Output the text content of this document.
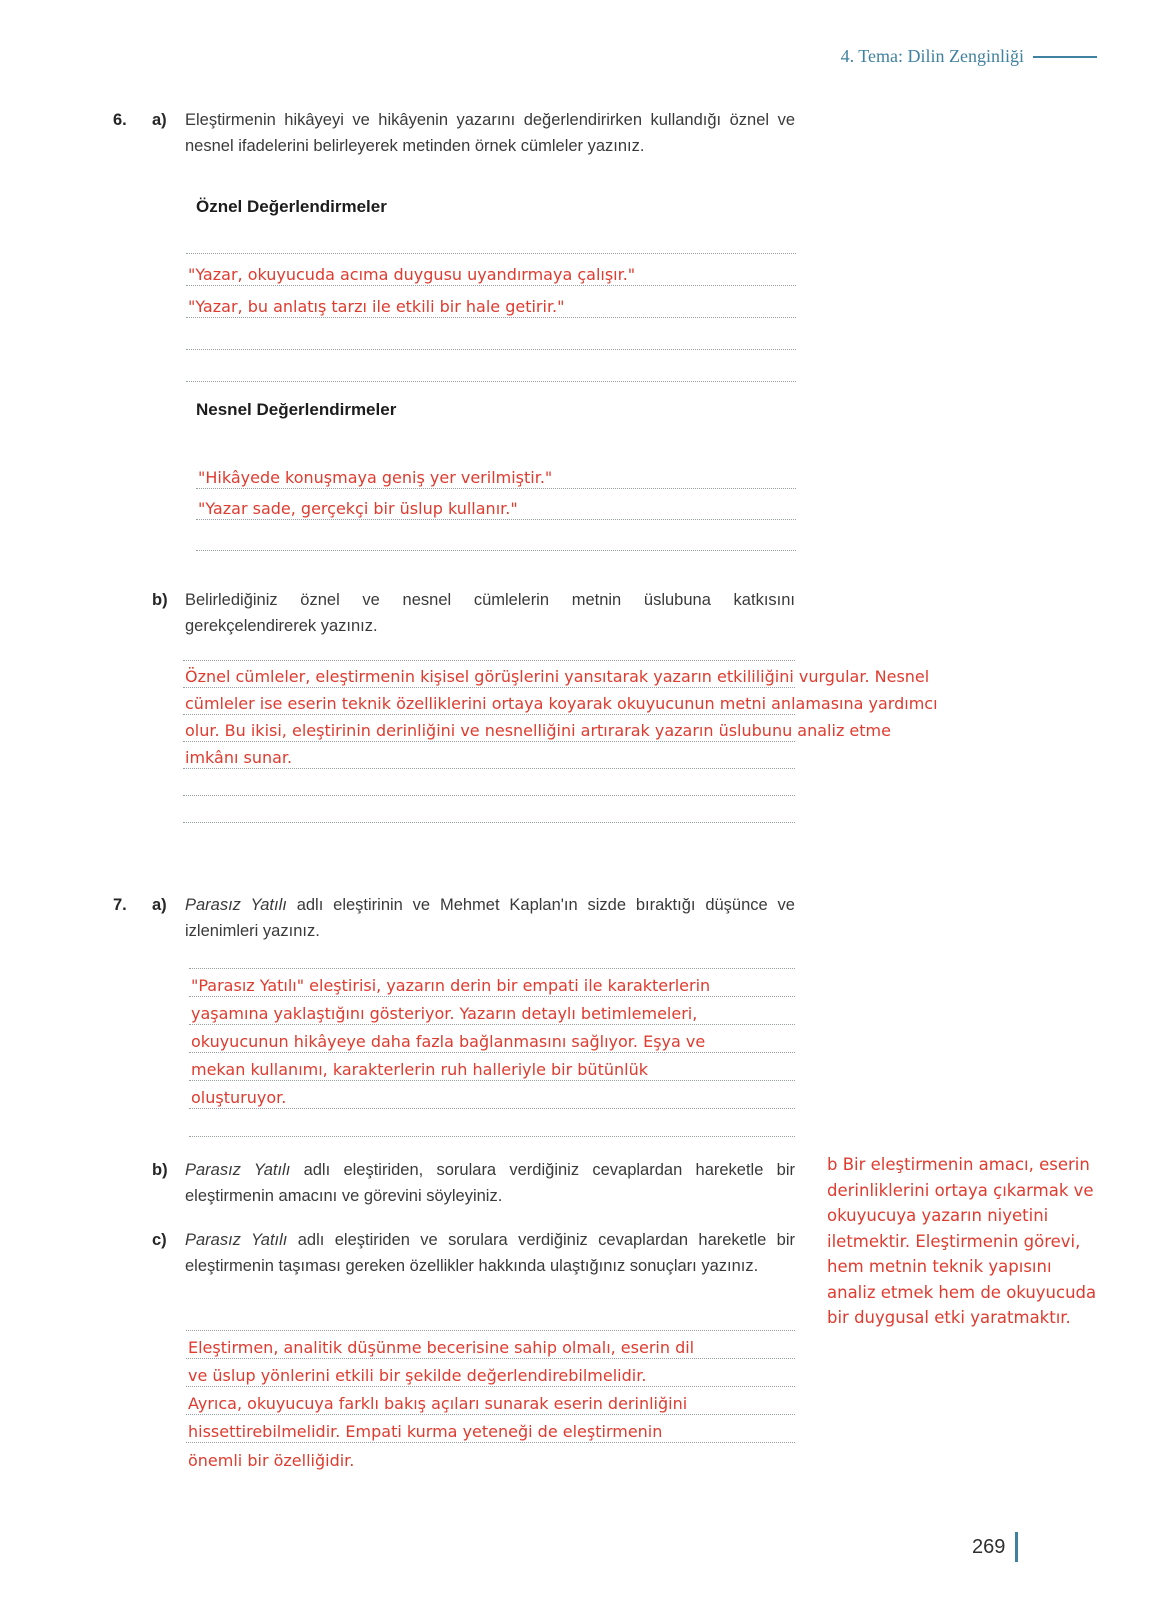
4. Tema: Dilin Zenginliği
6.	a)	Eleştirmenin hikâyeyi ve hikâyenin yazarını değerlendirirken kullandığı öznel ve nesnel ifadelerini belirleyerek metinden örnek cümleler yazınız.

Öznel Değerlendirmeler
"Yazar, okuyucuda acıma duygusu uyandırmaya çalışır."
"Yazar, bu anlatış tarzı ile etkili bir hale getirir."
Nesnel Değerlendirmeler
"Hikâyede konuşmaya geniş yer verilmiştir."
"Yazar sade, gerçekçi bir üslup kullanır."
b)	Belirlediğiniz öznel ve nesnel cümlelerin metnin üslubuna katkısını gerekçelendirerek yazınız.

Öznel cümleler, eleştirmenin kişisel görüşlerini yansıtarak yazarın etkililiğini vurgular. Nesnel
cümleler ise eserin teknik özelliklerini ortaya koyarak okuyucunun metni anlamasına yardımcı
olur. Bu ikisi, eleştirinin derinliğini ve nesnelliğini artırarak yazarın üslubunu analiz etme
imkânı sunar.
7.	a)	Parasız Yatılı adlı eleştirinin ve Mehmet Kaplan'ın sizde bıraktığı düşünce ve izlenimleri yazınız.

"Parasız Yatılı" eleştirisi, yazarın derin bir empati ile karakterlerin
yaşamına yaklaştığını gösteriyor. Yazarın detaylı betimlemeleri,
okuyucunun hikâyeye daha fazla bağlanmasını sağlıyor. Eşya ve
mekan kullanımı, karakterlerin ruh halleriyle bir bütünlük
oluşturuyor.
b)	Parasız Yatılı adlı eleştiriden, sorulara verdiğiniz cevaplardan hareketle bir eleştirmenin amacını ve görevini söyleyiniz.

c)	Parasız Yatılı adlı eleştiriden ve sorulara verdiğiniz cevaplardan hareketle bir eleştirmenin taşıması gereken özellikler hakkında ulaştığınız sonuçları yazınız.

Eleştirmen, analitik düşünme becerisine sahip olmalı, eserin dil
ve üslup yönlerini etkili bir şekilde değerlendirebilmelidir.
Ayrıca, okuyucuya farklı bakış açıları sunarak eserin derinliğini
hissettirebilmelidir. Empati kurma yeteneği de eleştirmenin
önemli bir özelliğidir.
b Bir eleştirmenin amacı, eserin derinliklerini ortaya çıkarmak ve okuyucuya yazarın niyetini iletmektir. Eleştirmenin görevi, hem metnin teknik yapısını analiz etmek hem de okuyucuda bir duygusal etki yaratmaktır.
269
